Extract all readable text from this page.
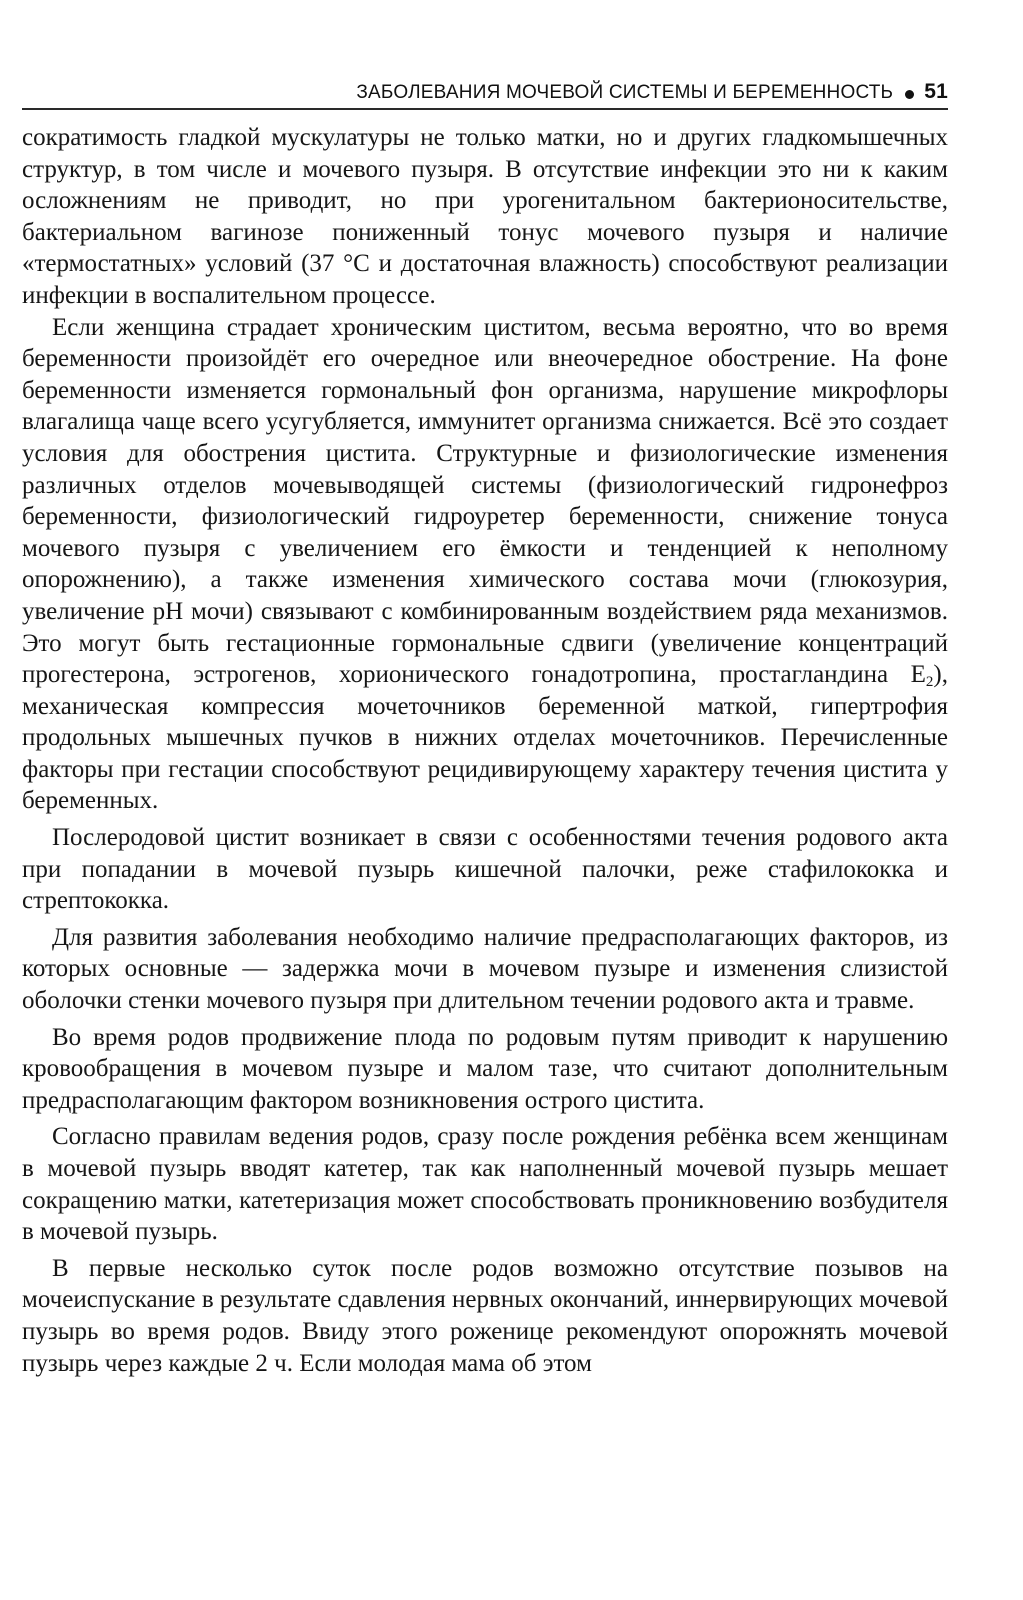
ЗАБОЛЕВАНИЯ МОЧЕВОЙ СИСТЕМЫ И БЕРЕМЕННОСТЬ 51

сократимость гладкой мускулатуры не только матки, но и других гладкомышечных структур, в том числе и мочевого пузыря. В отсутствие инфекции это ни к каким осложнениям не приводит, но при урогенитальном бактерионосительстве, бактериальном вагинозе пониженный тонус мочевого пузыря и наличие «термостатных» условий (37 °С и достаточная влажность) способствуют реализации инфекции в воспалительном процессе.

Если женщина страдает хроническим циститом, весьма вероятно, что во время беременности произойдёт его очередное или внеочередное обострение. На фоне беременности изменяется гормональный фон организма, нарушение микрофлоры влагалища чаще всего усугубляется, иммунитет организма снижается. Всё это создает условия для обострения цистита. Структурные и физиологические изменения различных отделов мочевыводящей системы (физиологический гидронефроз беременности, физиологический гидроуретер беременности, снижение тонуса мочевого пузыря с увеличением его ёмкости и тенденцией к неполному опорожнению), а также изменения химического состава мочи (глюкозурия, увеличение pH мочи) связывают с комбинированным воздействием ряда механизмов. Это могут быть гестационные гормональные сдвиги (увеличение концентраций прогестерона, эстрогенов, хорионического гонадотропина, простагландина $Е_2$), механическая компрессия мочеточников беременной маткой, гипертрофия продольных мышечных пучков в нижних отделах мочеточников. Перечисленные факторы при гестации способствуют рецидивирующему характеру течения цистита у беременных.

Послеродовой цистит возникает в связи с особенностями течения родового акта при попадании в мочевой пузырь кишечной палочки, реже стафилококка и стрептококка.

Для развития заболевания необходимо наличие предрасполагающих факторов, из которых основные — задержка мочи в мочевом пузыре и изменения слизистой оболочки стенки мочевого пузыря при длительном течении родового акта и травме.

Во время родов продвижение плода по родовым путям приводит к нарушению кровообращения в мочевом пузыре и малом тазе, что считают дополнительным предрасполагающим фактором возникновения острого цистита.

Согласно правилам ведения родов, сразу после рождения ребёнка всем женщинам в мочевой пузырь вводят катетер, так как наполненный мочевой пузырь мешает сокращению матки, катетеризация может способствовать проникновению возбудителя в мочевой пузырь.

В первые несколько суток после родов возможно отсутствие позывов на мочеиспускание в результате сдавления нервных окончаний, иннервирующих мочевой пузырь во время родов. Ввиду этого роженице рекомендуют опорожнять мочевой пузырь через каждые 2 ч. Если молодая мама об этом
